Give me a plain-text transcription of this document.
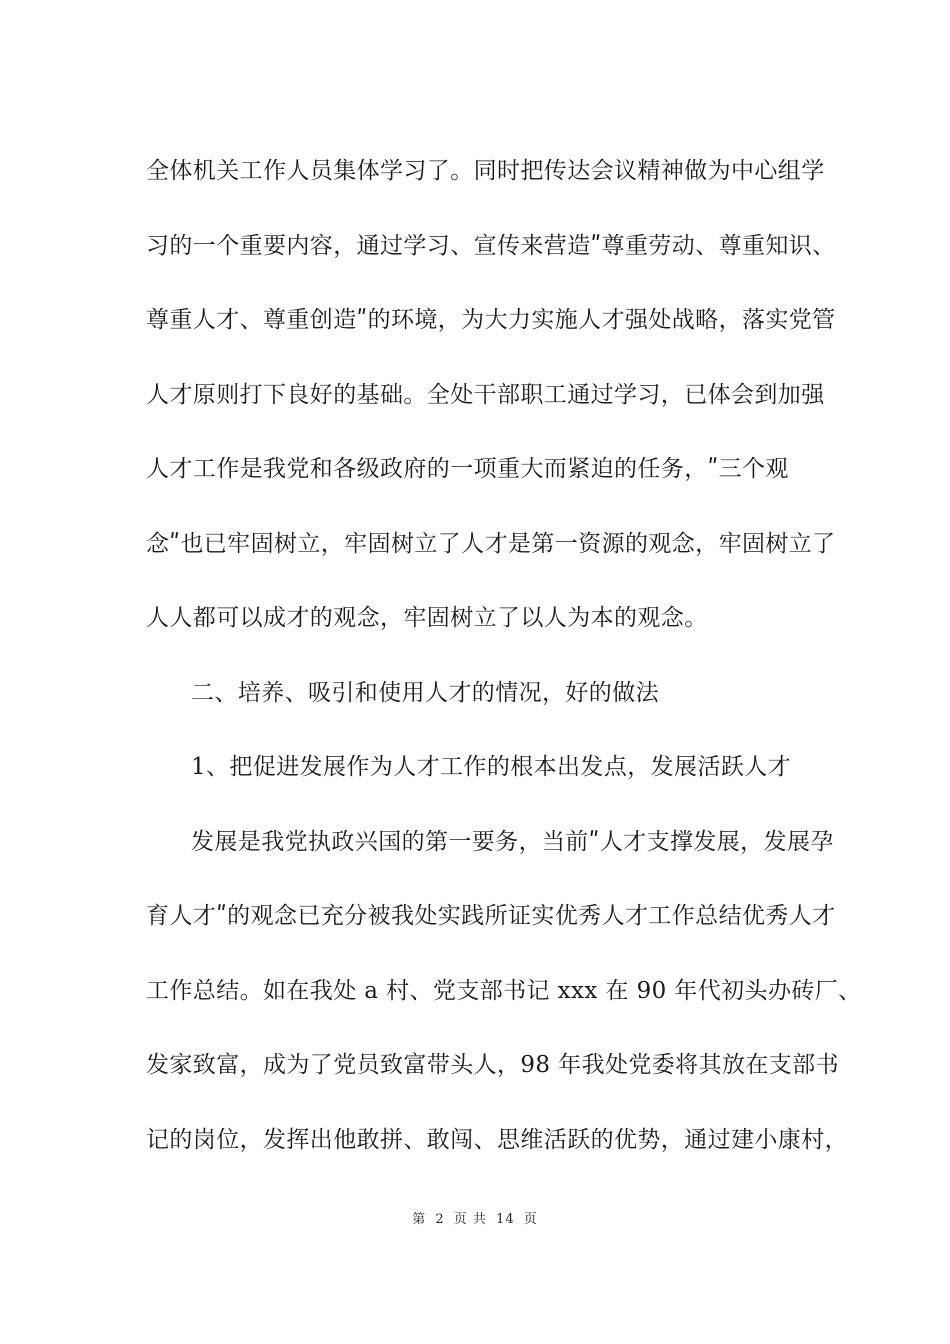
全体机关工作人员集体学习了。同时把传达会议精神做为中心组学
习的一个重要内容，通过学习、宣传来营造ʺ尊重劳动、尊重知识、
尊重人才、尊重创造ʺ的环境，为大力实施人才强处战略，落实党管
人才原则打下良好的基础。全处干部职工通过学习，已体会到加强
人才工作是我党和各级政府的一项重大而紧迫的任务，ʺ三个观
念ʺ也已牢固树立，牢固树立了人才是第一资源的观念，牢固树立了
人人都可以成才的观念，牢固树立了以人为本的观念。
二、培养、吸引和使用人才的情况，好的做法
1、把促进发展作为人才工作的根本出发点，发展活跃人才
发展是我党执政兴国的第一要务，当前ʺ人才支撑发展，发展孕
育人才ʺ的观念已充分被我处实践所证实优秀人才工作总结优秀人才
工作总结。如在我处 a 村、党支部书记 xxx 在 90 年代初头办砖厂、
发家致富，成为了党员致富带头人，98 年我处党委将其放在支部书
记的岗位，发挥出他敢拼、敢闯、思维活跃的优势，通过建小康村，
第 2 页 共 14 页
